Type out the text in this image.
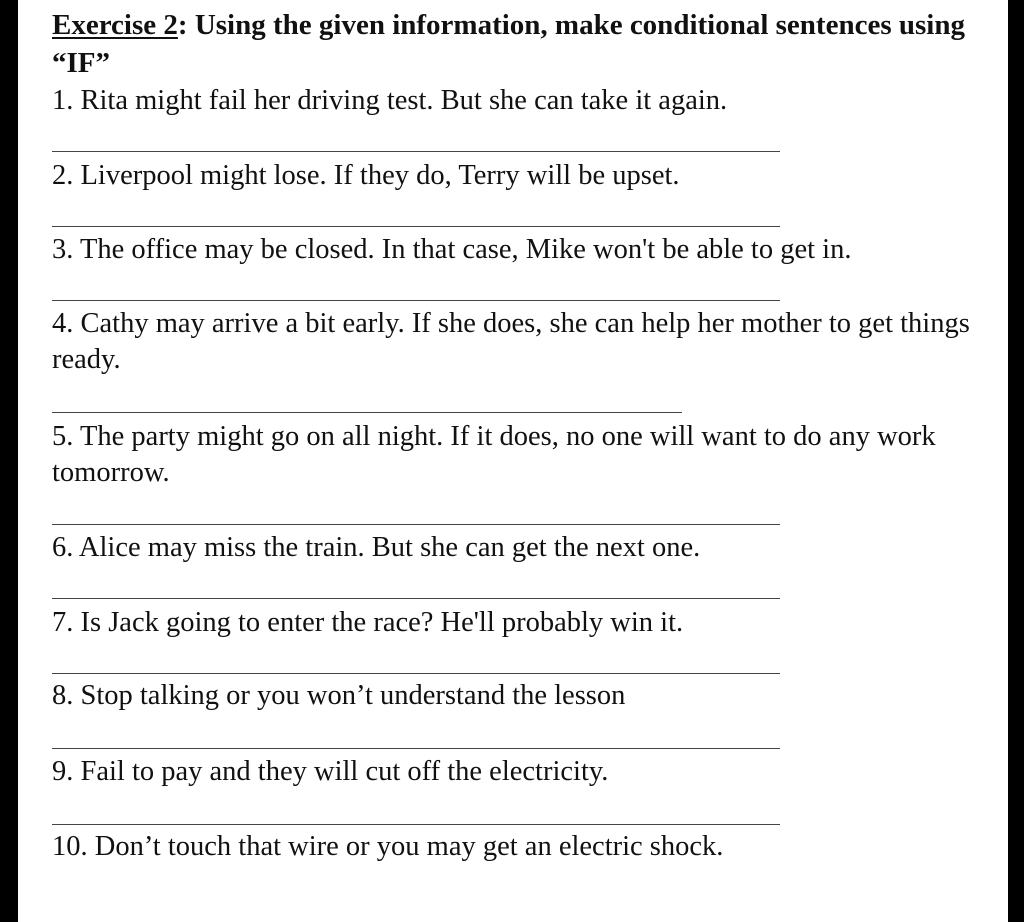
Exercise 2: Using the given information, make conditional sentences using “IF”
1. Rita might fail her driving test. But she can take it again.
2. Liverpool might lose. If they do, Terry will be upset.
3. The office may be closed. In that case, Mike won't be able to get in.
4. Cathy may arrive a bit early. If she does, she can help her mother to get things ready.
5. The party might go on all night. If it does, no one will want to do any work tomorrow.
6. Alice may miss the train. But she can get the next one.
7. Is Jack going to enter the race? He'll probably win it.
8. Stop talking or you won’t understand the lesson
9. Fail to pay and they will cut off the electricity.
10. Don’t touch that wire or you may get an electric shock.
